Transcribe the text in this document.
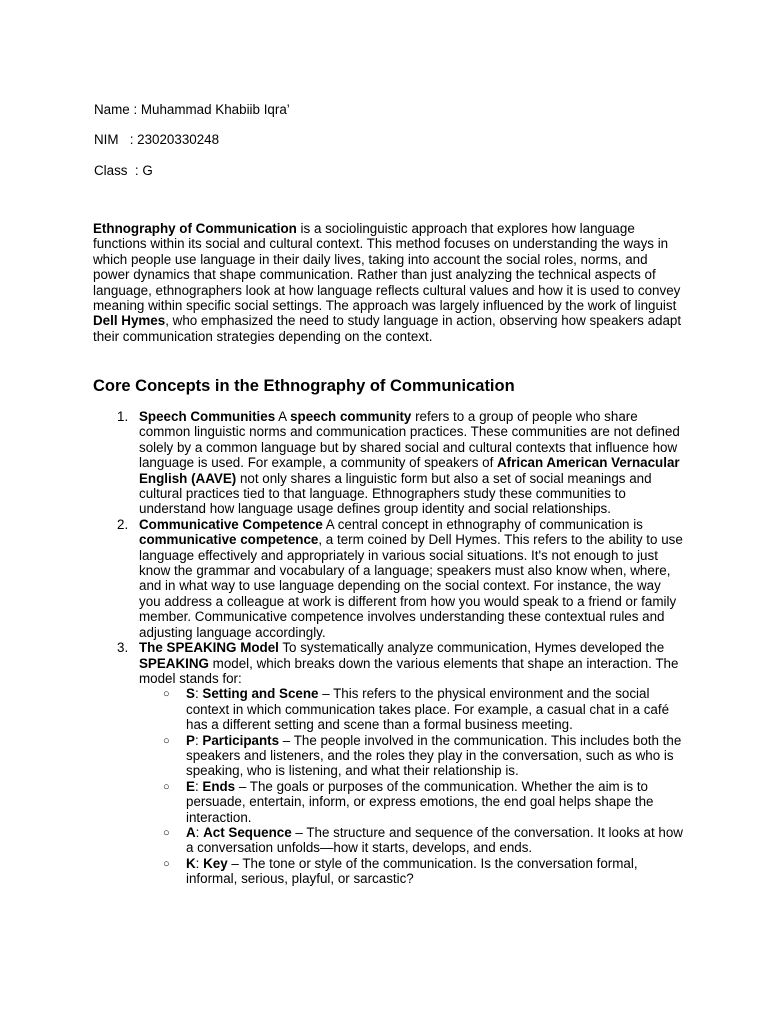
Name : Muhammad Khabiib Iqra’
NIM   : 23020330248
Class  : G

Ethnography of Communication is a sociolinguistic approach that explores how language functions within its social and cultural context. This method focuses on understanding the ways in which people use language in their daily lives, taking into account the social roles, norms, and power dynamics that shape communication. Rather than just analyzing the technical aspects of language, ethnographers look at how language reflects cultural values and how it is used to convey meaning within specific social settings. The approach was largely influenced by the work of linguist Dell Hymes, who emphasized the need to study language in action, observing how speakers adapt their communication strategies depending on the context.

Core Concepts in the Ethnography of Communication
1. Speech Communities A speech community refers to a group of people who share common linguistic norms and communication practices. These communities are not defined solely by a common language but by shared social and cultural contexts that influence how language is used. For example, a community of speakers of African American Vernacular English (AAVE) not only shares a linguistic form but also a set of social meanings and cultural practices tied to that language. Ethnographers study these communities to understand how language usage defines group identity and social relationships.
2. Communicative Competence A central concept in ethnography of communication is communicative competence, a term coined by Dell Hymes. This refers to the ability to use language effectively and appropriately in various social situations. It's not enough to just know the grammar and vocabulary of a language; speakers must also know when, where, and in what way to use language depending on the social context. For instance, the way you address a colleague at work is different from how you would speak to a friend or family member. Communicative competence involves understanding these contextual rules and adjusting language accordingly.
3. The SPEAKING Model To systematically analyze communication, Hymes developed the SPEAKING model, which breaks down the various elements that shape an interaction. The model stands for:
○ S: Setting and Scene – This refers to the physical environment and the social context in which communication takes place. For example, a casual chat in a café has a different setting and scene than a formal business meeting.
○ P: Participants – The people involved in the communication. This includes both the speakers and listeners, and the roles they play in the conversation, such as who is speaking, who is listening, and what their relationship is.
○ E: Ends – The goals or purposes of the communication. Whether the aim is to persuade, entertain, inform, or express emotions, the end goal helps shape the interaction.
○ A: Act Sequence – The structure and sequence of the conversation. It looks at how a conversation unfolds—how it starts, develops, and ends.
○ K: Key – The tone or style of the communication. Is the conversation formal, informal, serious, playful, or sarcastic?
